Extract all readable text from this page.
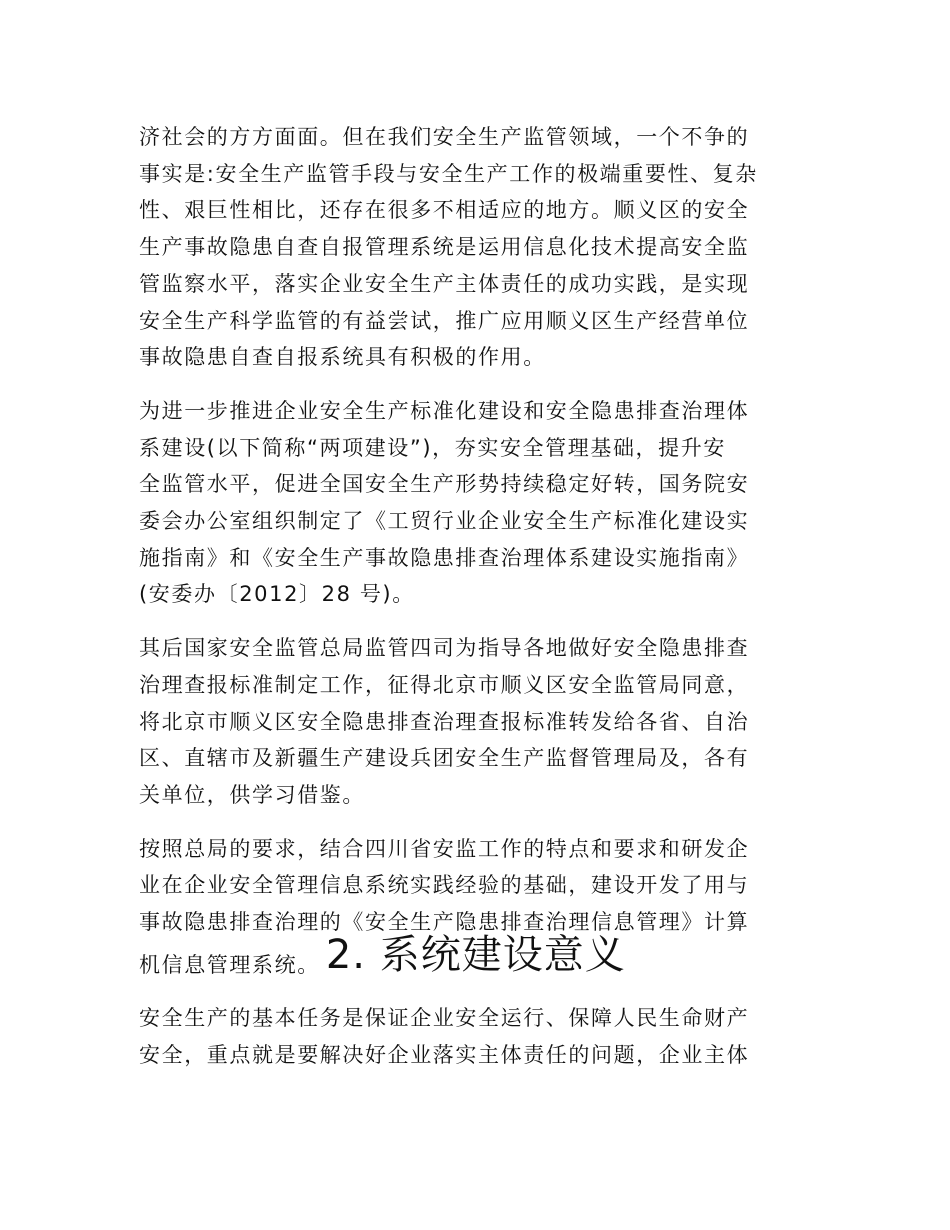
济社会的方方面面。但在我们安全生产监管领域，一个不争的
事实是:安全生产监管手段与安全生产工作的极端重要性、复杂
性、艰巨性相比，还存在很多不相适应的地方。顺义区的安全
生产事故隐患自查自报管理系统是运用信息化技术提高安全监
管监察水平，落实企业安全生产主体责任的成功实践，是实现
安全生产科学监管的有益尝试，推广应用顺义区生产经营单位
事故隐患自查自报系统具有积极的作用。

为进一步推进企业安全生产标准化建设和安全隐患排查治理体
系建设(以下简称“两项建设”)，夯实安全管理基础，提升安
全监管水平，促进全国安全生产形势持续稳定好转，国务院安
委会办公室组织制定了《工贸行业企业安全生产标准化建设实
施指南》和《安全生产事故隐患排查治理体系建设实施指南》
(安委办〔2012〕28 号)。

其后国家安全监管总局监管四司为指导各地做好安全隐患排查
治理查报标准制定工作，征得北京市顺义区安全监管局同意，
将北京市顺义区安全隐患排查治理查报标准转发给各省、自治
区、直辖市及新疆生产建设兵团安全生产监督管理局及，各有
关单位，供学习借鉴。

按照总局的要求，结合四川省安监工作的特点和要求和研发企
业在企业安全管理信息系统实践经验的基础，建设开发了用与
事故隐患排查治理的《安全生产隐患排查治理信息管理》计算
机信息管理系统。 2. 系统建设意义

安全生产的基本任务是保证企业安全运行、保障人民生命财产
安全，重点就是要解决好企业落实主体责任的问题，企业主体
